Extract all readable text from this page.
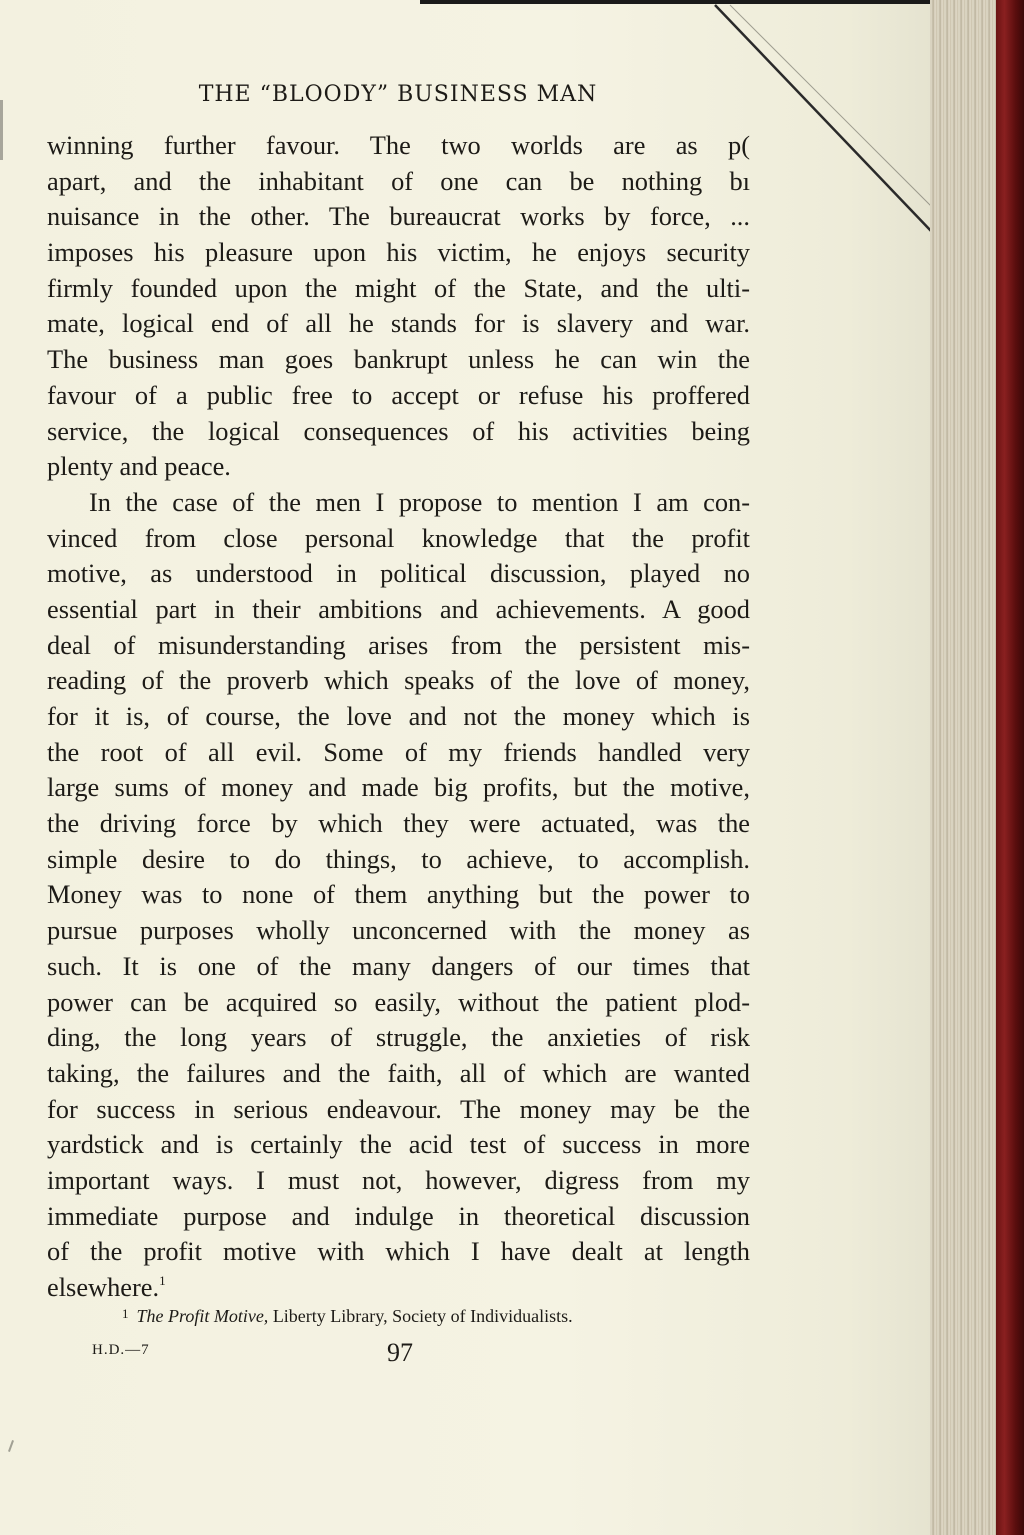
THE “BLOODY” BUSINESS MAN
winning further favour. The two worlds are as p(
apart, and the inhabitant of one can be nothing bı
nuisance in the other. The bureaucrat works by force, ...
imposes his pleasure upon his victim, he enjoys security
firmly founded upon the might of the State, and the ulti-
mate, logical end of all he stands for is slavery and war.
The business man goes bankrupt unless he can win the
favour of a public free to accept or refuse his proffered
service, the logical consequences of his activities being
plenty and peace.
In the case of the men I propose to mention I am con-
vinced from close personal knowledge that the profit
motive, as understood in political discussion, played no
essential part in their ambitions and achievements. A good
deal of misunderstanding arises from the persistent mis-
reading of the proverb which speaks of the love of money,
for it is, of course, the love and not the money which is
the root of all evil. Some of my friends handled very
large sums of money and made big profits, but the motive,
the driving force by which they were actuated, was the
simple desire to do things, to achieve, to accomplish.
Money was to none of them anything but the power to
pursue purposes wholly unconcerned with the money as
such. It is one of the many dangers of our times that
power can be acquired so easily, without the patient plod-
ding, the long years of struggle, the anxieties of risk
taking, the failures and the faith, all of which are wanted
for success in serious endeavour. The money may be the
yardstick and is certainly the acid test of success in more
important ways. I must not, however, digress from my
immediate purpose and indulge in theoretical discussion
of the profit motive with which I have dealt at length
elsewhere.$^1$
$^1$ The Profit Motive, Liberty Library, Society of Individualists.
H.D.—7	97
